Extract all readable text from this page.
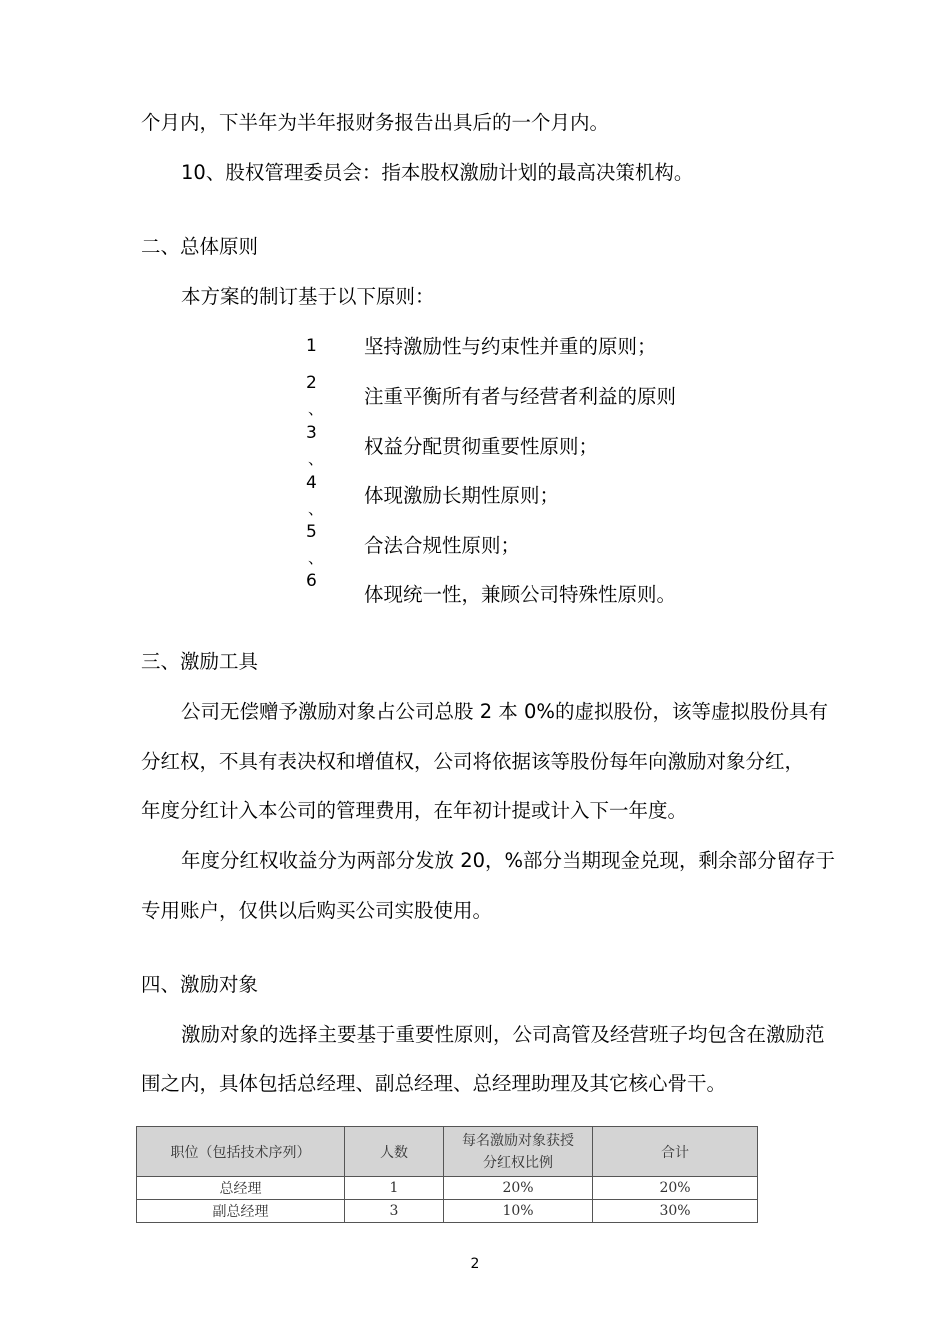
个月内，下半年为半年报财务报告出具后的一个月内。
10、股权管理委员会：指本股权激励计划的最高决策机构。
二、总体原则
本方案的制订基于以下原则：
1
2
、
3
、
4
、
5
、
6
坚持激励性与约束性并重的原则；
注重平衡所有者与经营者利益的原则
权益分配贯彻重要性原则；
体现激励长期性原则；
合法合规性原则；
体现统一性，兼顾公司特殊性原则。
三、激励工具
公司无偿赠予激励对象占公司总股 2 本 0%的虚拟股份，该等虚拟股份具有
分红权，不具有表决权和增值权，公司将依据该等股份每年向激励对象分红，
年度分红计入本公司的管理费用，在年初计提或计入下一年度。
年度分红权收益分为两部分发放 20，%部分当期现金兑现，剩余部分留存于
专用账户，仅供以后购买公司实股使用。
四、激励对象
激励对象的选择主要基于重要性原则，公司高管及经营班子均包含在激励范
围之内，具体包括总经理、副总经理、总经理助理及其它核心骨干。
职位（包括技术序列）	人数	每名激励对象获授
分红权比例	合计
总经理	1	20%	20%
副总经理	3	10%	30%
2
